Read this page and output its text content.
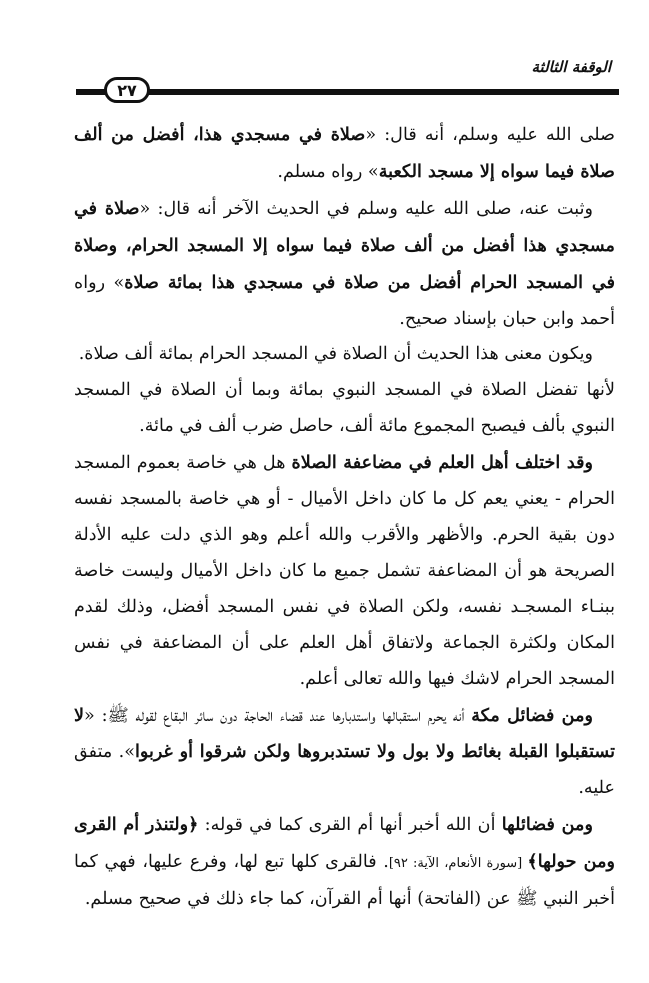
الوقفة الثالثة
٢٧

صلى الله عليه وسلم، أنه قال: «صلاة في مسجدي هذا، أفضل من ألف صلاة فيما سواه إلا مسجد الكعبة» رواه مسلم.

وثبت عنه، صلى الله عليه وسلم في الحديث الآخر أنه قال: «صلاة في مسجدي هذا أفضل من ألف صلاة فيما سواه إلا المسجد الحرام، وصلاة في المسجد الحرام أفضل من صلاة في مسجدي هذا بمائة صلاة» رواه أحمد وابن حبان بإسناد صحيح.

ويكون معنى هذا الحديث أن الصلاة في المسجد الحرام بمائة ألف صلاة.

لأنها تفضل الصلاة في المسجد النبوي بمائة وبما أن الصلاة في المسجد النبوي بألف فيصبح المجموع مائة ألف، حاصل ضرب ألف في مائة.

وقد اختلف أهل العلم في مضاعفة الصلاة هل هي خاصة بعموم المسجد الحرام - يعني يعم كل ما كان داخل الأميال - أو هي خاصة بالمسجد نفسه دون بقية الحرم. والأظهر والأقرب والله أعلم وهو الذي دلت عليه الأدلة الصريحة هو أن المضاعفة تشمل جميع ما كان داخل الأميال وليست خاصة ببنـاء المسجـد نفسه، ولكن الصلاة في نفس المسجد أفضل، وذلك لقدم المكان ولكثرة الجماعة ولاتفاق أهل العلم على أن المضاعفة في نفس المسجد الحرام لاشك فيها والله تعالى أعلم.

ومن فضائل مكة أنه يحرم استقبالها واستدبارها عند قضاء الحاجة دون سائر البقاع لقوله ﷺ: «لا تستقبلوا القبلة بغائط ولا بول ولا تستدبروها ولكن شرقوا أو غربوا». متفق عليه.

ومن فضائلها أن الله أخبر أنها أم القرى كما في قوله: ﴿ولتنذر أم القرى ومن حولها﴾ [سورة الأنعام، الآية: ٩٢]. فالقرى كلها تبع لها، وفرع عليها، فهي كما أخبر النبي ﷺ عن (الفاتحة) أنها أم القرآن، كما جاء ذلك في صحيح مسلم.
